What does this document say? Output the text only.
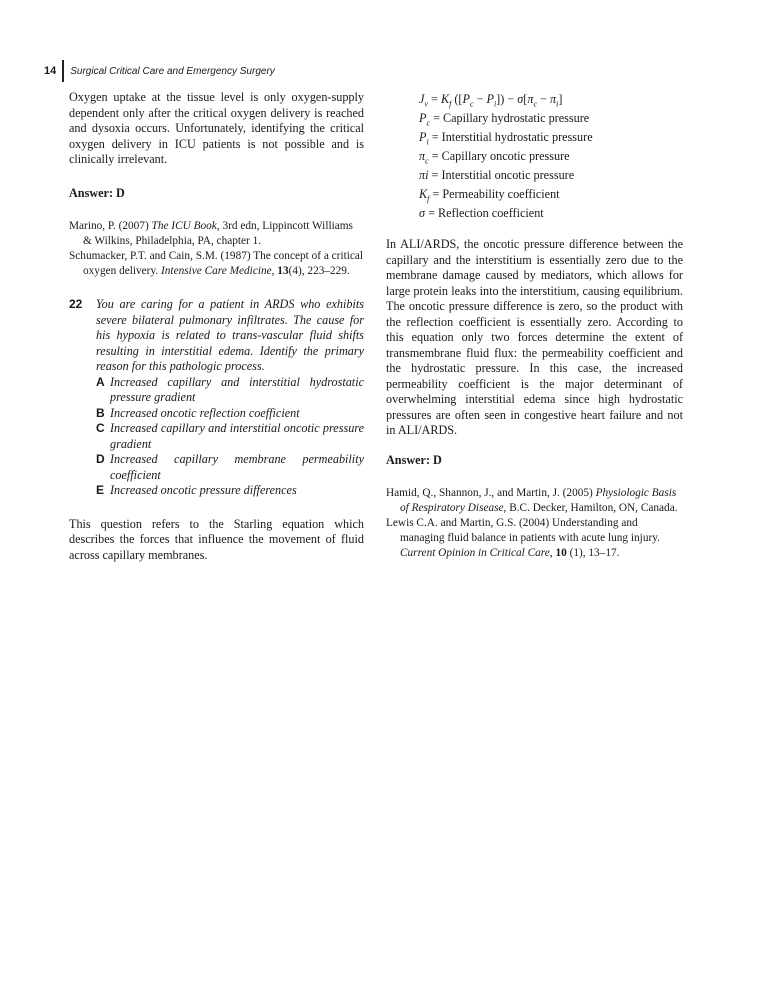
14 Surgical Critical Care and Emergency Surgery

Oxygen uptake at the tissue level is only oxygen-supply dependent only after the critical oxygen delivery is reached and dysoxia occurs. Unfortunately, identifying the critical oxygen delivery in ICU patients is not possible and is clinically irrelevant.

Answer: D

Marino, P. (2007) The ICU Book, 3rd edn, Lippincott Williams & Wilkins, Philadelphia, PA, chapter 1.

Schumacker, P.T. and Cain, S.M. (1987) The concept of a critical oxygen delivery. Intensive Care Medicine, 13(4), 223–229.

22	You are caring for a patient in ARDS who exhibits severe bilateral pulmonary infiltrates. The cause for his hypoxia is related to trans-vascular fluid shifts resulting in interstitial edema. Identify the primary reason for this pathologic process.
A Increased capillary and interstitial hydrostatic pressure gradient
B Increased oncotic reflection coefficient
C Increased capillary and interstitial oncotic pressure gradient
D Increased capillary membrane permeability coefficient
E Increased oncotic pressure differences

This question refers to the Starling equation which describes the forces that influence the movement of fluid across capillary membranes.

$J_v = K_f$ $([P_c - P_i]) - \sigma[\pi_c - \pi_i]$
$P_c$ = Capillary hydrostatic pressure
$P_i$ = Interstitial hydrostatic pressure
$\pi_c$ = Capillary oncotic pressure
πi = Interstitial oncotic pressure
$K_f$ = Permeability coefficient
σ = Reflection coefficient

In ALI/ARDS, the oncotic pressure difference between the capillary and the interstitium is essentially zero due to the membrane damage caused by mediators, which allows for large protein leaks into the interstitium, causing equilibrium. The oncotic pressure difference is zero, so the product with the reflection coefficient is essentially zero. According to this equation only two forces determine the extent of transmembrane fluid flux: the permeability coefficient and the hydrostatic pressure. In this case, the increased permeability coefficient is the major determinant of overwhelming interstitial edema since high hydrostatic pressures are often seen in congestive heart failure and not in ALI/ARDS.

Answer: D

Hamid, Q., Shannon, J., and Martin, J. (2005) Physiologic Basis of Respiratory Disease, B.C. Decker, Hamilton, ON, Canada.

Lewis C.A. and Martin, G.S. (2004) Understanding and managing fluid balance in patients with acute lung injury. Current Opinion in Critical Care, 10 (1), 13–17.
